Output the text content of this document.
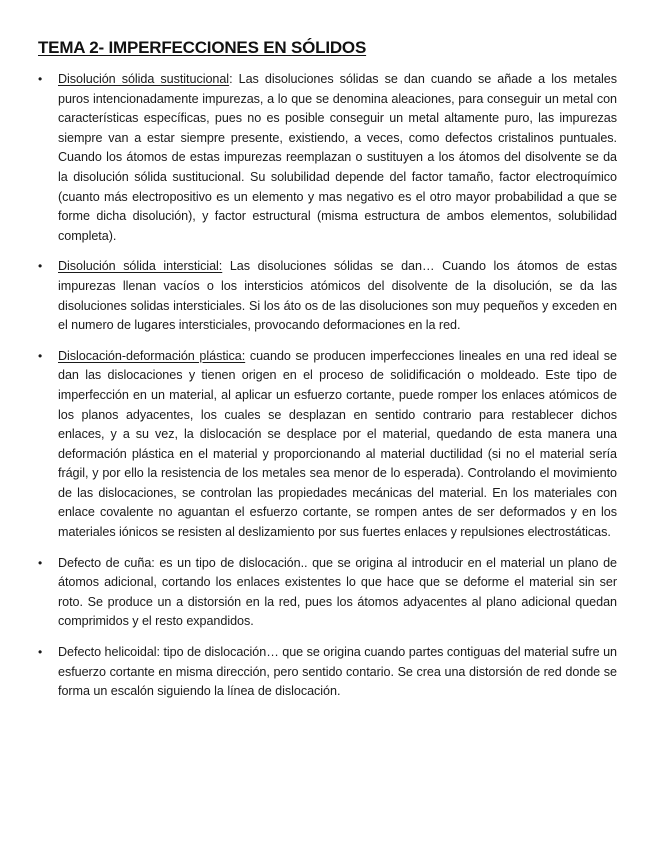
TEMA 2- IMPERFECCIONES EN SÓLIDOS
•	Disolución sólida sustitucional: Las disoluciones sólidas se dan cuando se añade a los metales puros intencionadamente impurezas, a lo que se denomina aleaciones, para conseguir un metal con características específicas, pues no es posible conseguir un metal altamente puro, las impurezas siempre van a estar siempre presente, existiendo, a veces, como defectos cristalinos puntuales. Cuando los átomos de estas impurezas reemplazan o sustituyen a los átomos del disolvente se da la disolución sólida sustitucional. Su solubilidad depende del factor tamaño, factor electroquímico (cuanto más electropositivo es un elemento y mas negativo es el otro mayor probabilidad a que se forme dicha disolución), y factor estructural (misma estructura de ambos elementos, solubilidad completa).
•	Disolución sólida intersticial: Las disoluciones sólidas se dan… Cuando los átomos de estas impurezas llenan vacíos o los intersticios atómicos del disolvente de la disolución, se da las disoluciones solidas intersticiales. Si los áto os de las disoluciones son muy pequeños y exceden en el numero de lugares intersticiales, provocando deformaciones en la red.
•	Dislocación-deformación plástica: cuando se producen imperfecciones lineales en una red ideal se dan las dislocaciones y tienen origen en el proceso de solidificación o moldeado. Este tipo de imperfección en un material, al aplicar un esfuerzo cortante, puede romper los enlaces atómicos de los planos adyacentes, los cuales se desplazan en sentido contrario para restablecer dichos enlaces, y a su vez, la dislocación se desplace por el material, quedando de esta manera una deformación plástica en el material y proporcionando al material ductilidad (si no el material sería frágil, y por ello la resistencia de los metales sea menor de lo esperada). Controlando el movimiento de las dislocaciones, se controlan las propiedades mecánicas del material. En los materiales con enlace covalente no aguantan el esfuerzo cortante, se rompen antes de ser deformados y en los materiales iónicos se resisten al deslizamiento por sus fuertes enlaces y repulsiones electrostáticas.
•	Defecto de cuña: es un tipo de dislocación.. que se origina al introducir en el material un plano de átomos adicional, cortando los enlaces existentes lo que hace que se deforme el material sin ser roto. Se produce un a distorsión en la red, pues los átomos adyacentes al plano adicional quedan comprimidos y el resto expandidos.
•	Defecto helicoidal: tipo de dislocación… que se origina cuando partes contiguas del material sufre un esfuerzo cortante en misma dirección, pero sentido contario. Se crea una distorsión de red donde se forma un escalón siguiendo la línea de dislocación.
